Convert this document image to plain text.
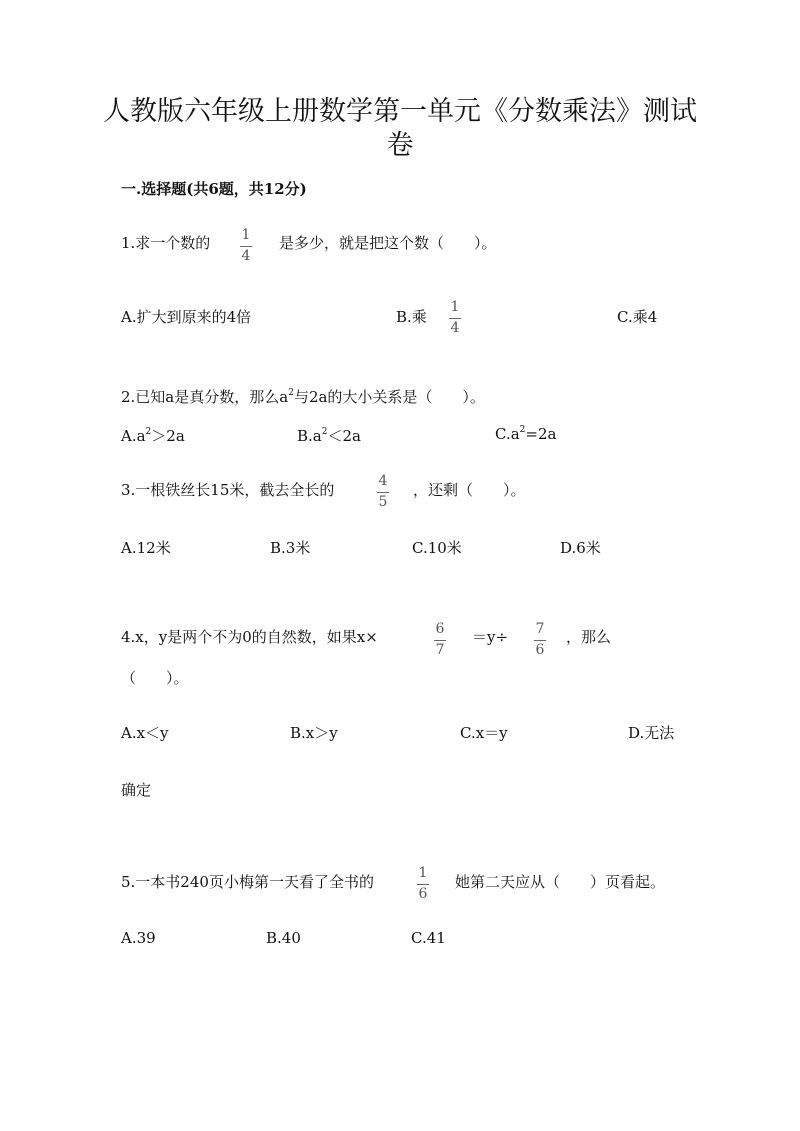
人教版六年级上册数学第一单元《分数乘法》测试
卷
一.选择题(共6题，共12分)
1.求一个数的 1
4
是多少，就是把这个数（　　）。
A.扩大到原来的4倍	B.乘
1
4
C.乘4
2.已知a是真分数，那么$a^2$与2a的大小关系是（　　）。
$A.a^2>2a$	$B.a^2<2a$	$C.a^2=2a$
3.一根铁丝长15米，截去全长的	4
5
，还剩（　　）。
A.12米	B.3米	C.10米	D.6米
4.x，y是两个不为0的自然数，如果x×	6
7
＝y÷ 7
6
，那么
（　　）。
A.x＜y	B.x＞y	C.x＝y	D.无法
确定
5.一本书240页小梅第一天看了全书的	1
6
她第二天应从（　　）页看起。
A.39	B.40	C.41
